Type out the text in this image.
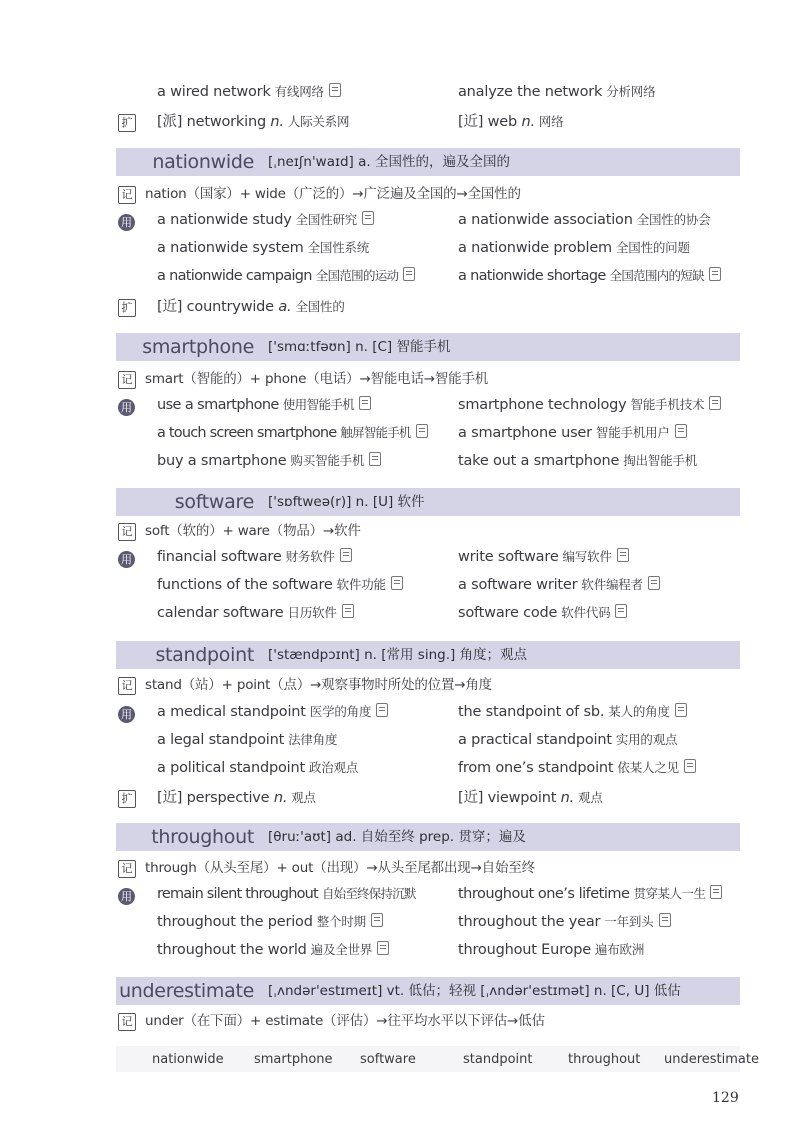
a wired network 有线网络	analyze the network 分析网络
扩 [派] networking n. 人际关系网	[近] web n. 网络
nationwide [ˌneɪʃn'waɪd] a. 全国性的，遍及全国的
记 nation（国家）+ wide（广泛的）→广泛遍及全国的→全国性的
用 a nationwide study 全国性研究	a nationwide association 全国性的协会
a nationwide system 全国性系统	a nationwide problem 全国性的问题
a nationwide campaign 全国范围的运动	a nationwide shortage 全国范围内的短缺
扩 [近] countrywide a. 全国性的
smartphone ['smɑːtfəʊn] n. [C] 智能手机
记 smart（智能的）+ phone（电话）→智能电话→智能手机
用 use a smartphone 使用智能手机	smartphone technology 智能手机技术
a touch screen smartphone 触屏智能手机	a smartphone user 智能手机用户
buy a smartphone 购买智能手机	take out a smartphone 掏出智能手机
software ['sɒftweə(r)] n. [U] 软件
记 soft（软的）+ ware（物品）→软件
用 financial software 财务软件	write software 编写软件
functions of the software 软件功能	a software writer 软件编程者
calendar software 日历软件	software code 软件代码
standpoint ['stændpɔɪnt] n. [常用 sing.] 角度；观点
记 stand（站）+ point（点）→观察事物时所处的位置→角度
用 a medical standpoint 医学的角度	the standpoint of sb. 某人的角度
a legal standpoint 法律角度	a practical standpoint 实用的观点
a political standpoint 政治观点	from one’s standpoint 依某人之见
扩 [近] perspective n. 观点	[近] viewpoint n. 观点
throughout [θruː'aʊt] ad. 自始至终 prep. 贯穿；遍及
记 through（从头至尾）+ out（出现）→从头至尾都出现→自始至终
用 remain silent throughout 自始至终保持沉默	throughout one’s lifetime 贯穿某人一生
throughout the period 整个时期	throughout the year 一年到头
throughout the world 遍及全世界	throughout Europe 遍布欧洲
underestimate [ˌʌndər'estɪmeɪt] vt. 低估；轻视 [ˌʌndər'estɪmət] n. [C, U] 低估
记 under（在下面）+ estimate（评估）→往平均水平以下评估→低估
nationwide smartphone software	standpoint	throughout underestimate
129
